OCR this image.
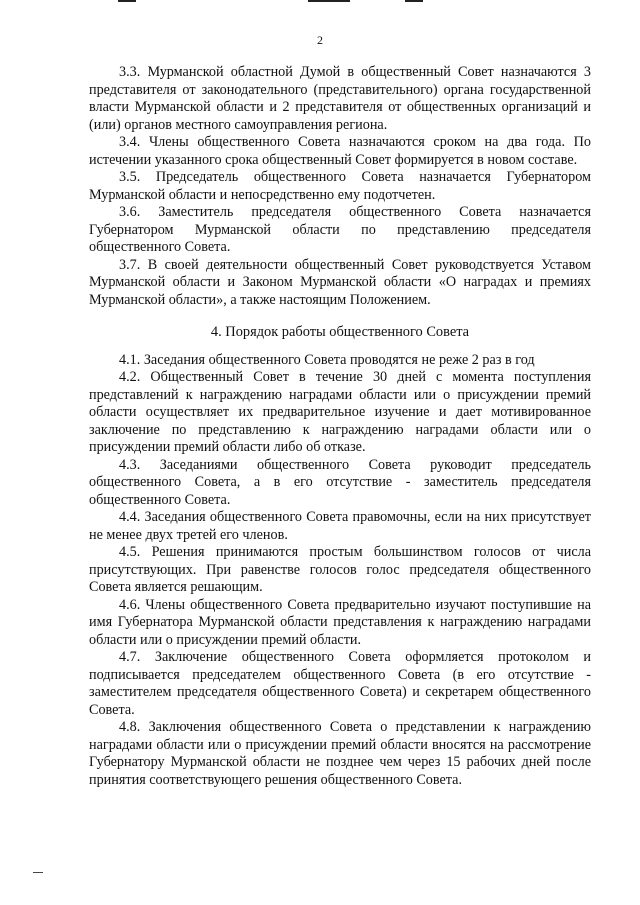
2

3.3. Мурманской областной Думой в общественный Совет назначаются 3 представителя от законодательного (представительного) органа государственной власти Мурманской области и 2 представителя от общественных организаций и (или) органов местного самоуправления региона.

3.4. Члены общественного Совета назначаются сроком на два года. По истечении указанного срока общественный Совет формируется в новом составе.

3.5. Председатель общественного Совета назначается Губернатором Мурманской области и непосредственно ему подотчетен.

3.6. Заместитель председателя общественного Совета назначается Губернатором Мурманской области по представлению председателя общественного Совета.

3.7. В своей деятельности общественный Совет руководствуется Уставом Мурманской области и Законом Мурманской области «О наградах и премиях Мурманской области», а также настоящим Положением.

4. Порядок работы общественного Совета

4.1. Заседания общественного Совета проводятся не реже 2 раз в год

4.2. Общественный Совет в течение 30 дней с момента поступления представлений к награждению наградами области или о присуждении премий области осуществляет их предварительное изучение и дает мотивированное заключение по представлению к награждению наградами области или о присуждении премий области либо об отказе.

4.3. Заседаниями общественного Совета руководит председатель общественного Совета, а в его отсутствие - заместитель председателя общественного Совета.

4.4. Заседания общественного Совета правомочны, если на них присутствует не менее двух третей его членов.

4.5. Решения принимаются простым большинством голосов от числа присутствующих. При равенстве голосов голос председателя общественного Совета является решающим.

4.6. Члены общественного Совета предварительно изучают поступившие на имя Губернатора Мурманской области представления к награждению наградами области или о присуждении премий области.

4.7. Заключение общественного Совета оформляется протоколом и подписывается председателем общественного Совета (в его отсутствие - заместителем председателя общественного Совета) и секретарем общественного Совета.

4.8. Заключения общественного Совета о представлении к награждению наградами области или о присуждении премий области вносятся на рассмотрение Губернатору Мурманской области не позднее чем через 15 рабочих дней после принятия соответствующего решения общественного Совета.
